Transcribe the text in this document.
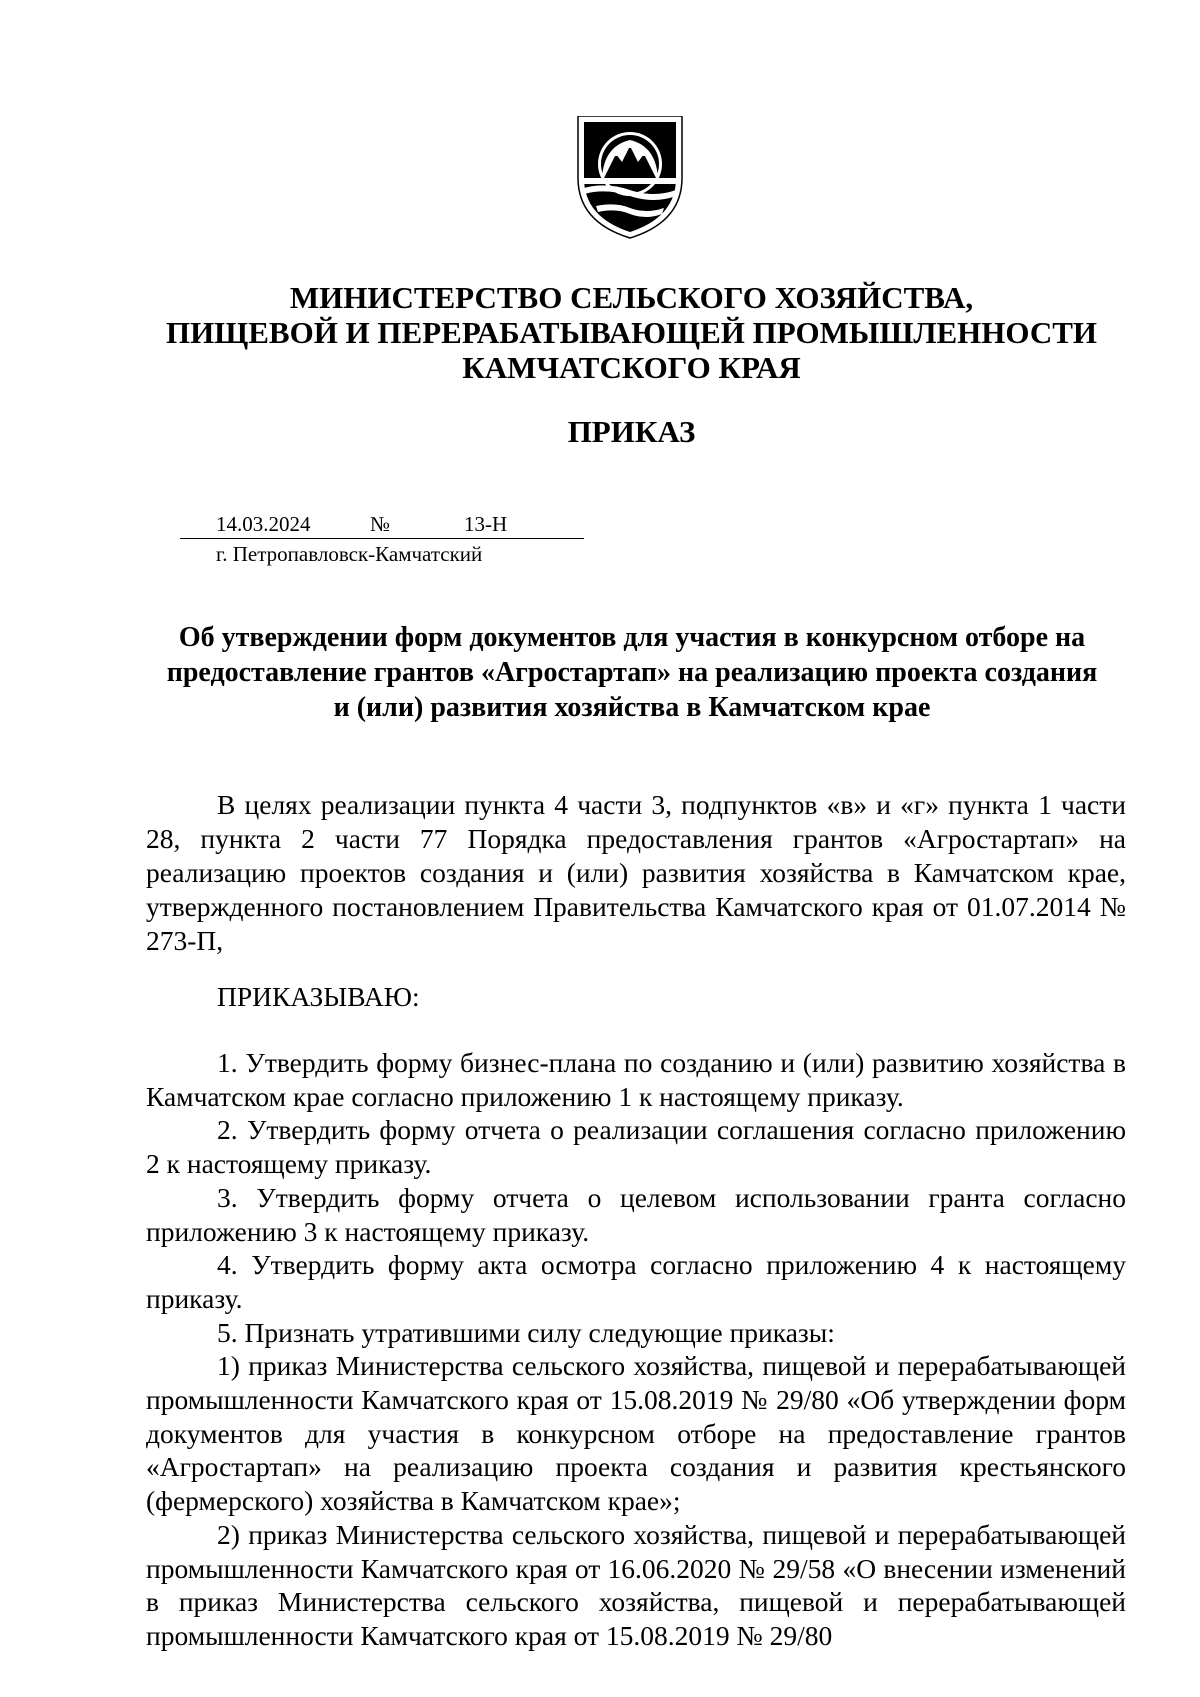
МИНИСТЕРСТВО СЕЛЬСКОГО ХОЗЯЙСТВА,
ПИЩЕВОЙ И ПЕРЕРАБАТЫВАЮЩЕЙ ПРОМЫШЛЕННОСТИ
КАМЧАТСКОГО КРАЯ
ПРИКАЗ
14.03.2024	№	13-Н
г. Петропавловск-Камчатский
Об утверждении форм документов для участия в конкурсном отборе на
предоставление грантов «Агростартап» на реализацию проекта создания
и (или) развития хозяйства в Камчатском крае

В целях реализации пункта 4 части 3, подпунктов «в» и «г» пункта 1 части 28, пункта 2 части 77 Порядка предоставления грантов «Агростартап» на реализацию проектов создания и (или) развития хозяйства в Камчатском крае, утвержденного постановлением Правительства Камчатского края от 01.07.2014 № 273-П,

ПРИКАЗЫВАЮ:

1. Утвердить форму бизнес-плана по созданию и (или) развитию хозяйства в Камчатском крае согласно приложению 1 к настоящему приказу.

2. Утвердить форму отчета о реализации соглашения согласно приложению 2 к настоящему приказу.

3. Утвердить форму отчета о целевом использовании гранта согласно приложению 3 к настоящему приказу.

4. Утвердить форму акта осмотра согласно приложению 4 к настоящему приказу.

5. Признать утратившими силу следующие приказы:

1) приказ Министерства сельского хозяйства, пищевой и перерабатывающей промышленности Камчатского края от 15.08.2019 № 29/80 «Об утверждении форм документов для участия в конкурсном отборе на предоставление грантов «Агростартап» на реализацию проекта создания и развития крестьянского (фермерского) хозяйства в Камчатском крае»;

2) приказ Министерства сельского хозяйства, пищевой и перерабатывающей промышленности Камчатского края от 16.06.2020 № 29/58 «О внесении изменений в приказ Министерства сельского хозяйства, пищевой и перерабатывающей промышленности Камчатского края от 15.08.2019 № 29/80
